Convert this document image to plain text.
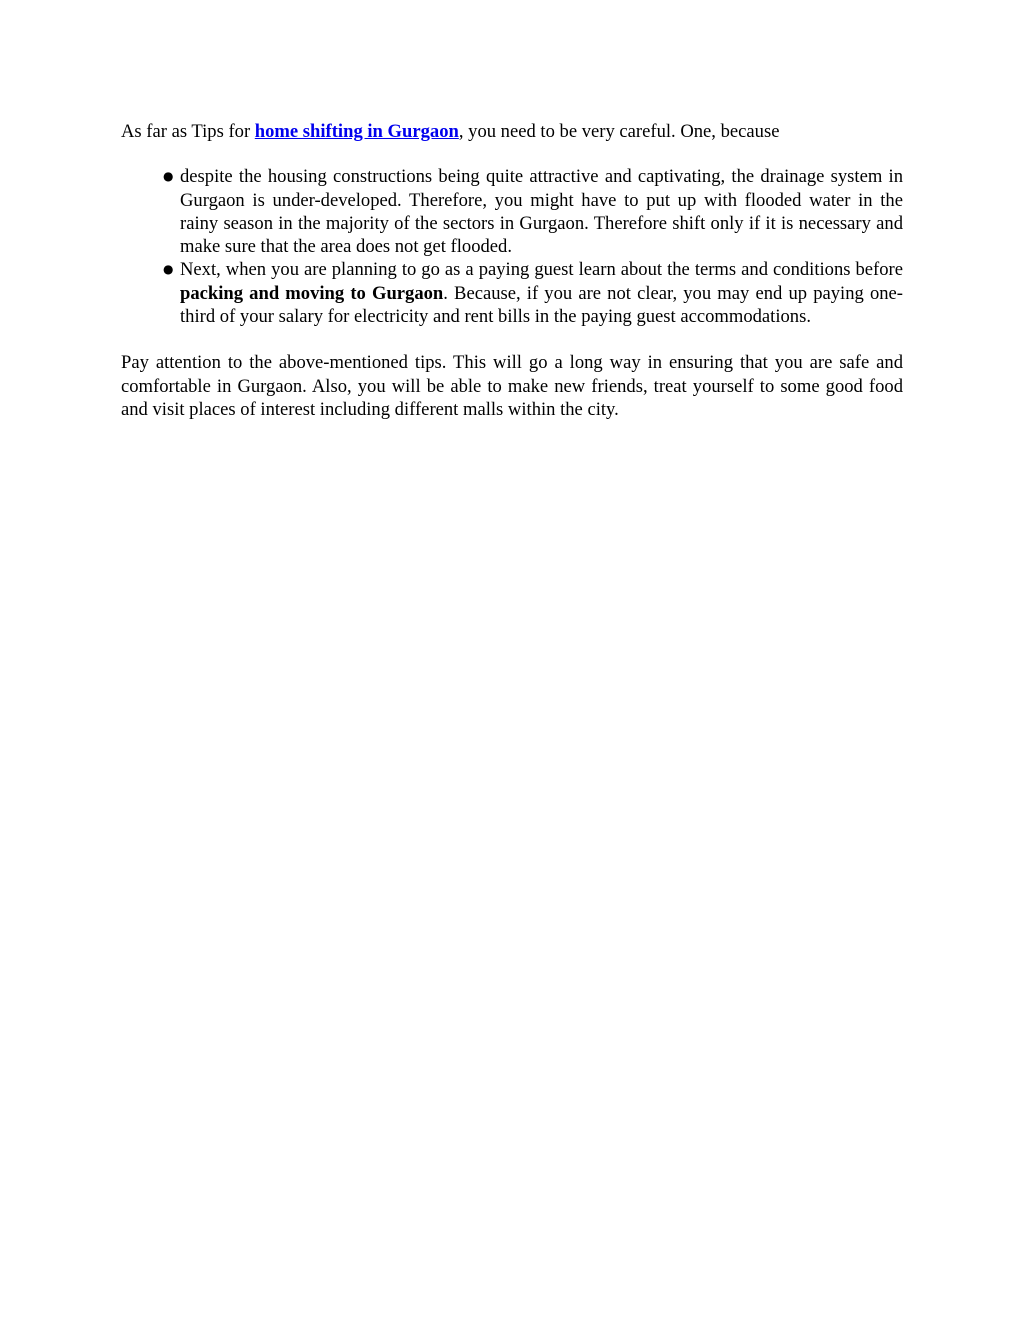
As far as Tips for home shifting in Gurgaon, you need to be very careful. One, because

● despite the housing constructions being quite attractive and captivating, the drainage system in Gurgaon is under-developed. Therefore, you might have to put up with flooded water in the rainy season in the majority of the sectors in Gurgaon. Therefore shift only if it is necessary and make sure that the area does not get flooded.
● Next, when you are planning to go as a paying guest learn about the terms and conditions before packing and moving to Gurgaon. Because, if you are not clear, you may end up paying one-third of your salary for electricity and rent bills in the paying guest accommodations.

Pay attention to the above-mentioned tips. This will go a long way in ensuring that you are safe and comfortable in Gurgaon. Also, you will be able to make new friends, treat yourself to some good food and visit places of interest including different malls within the city.
